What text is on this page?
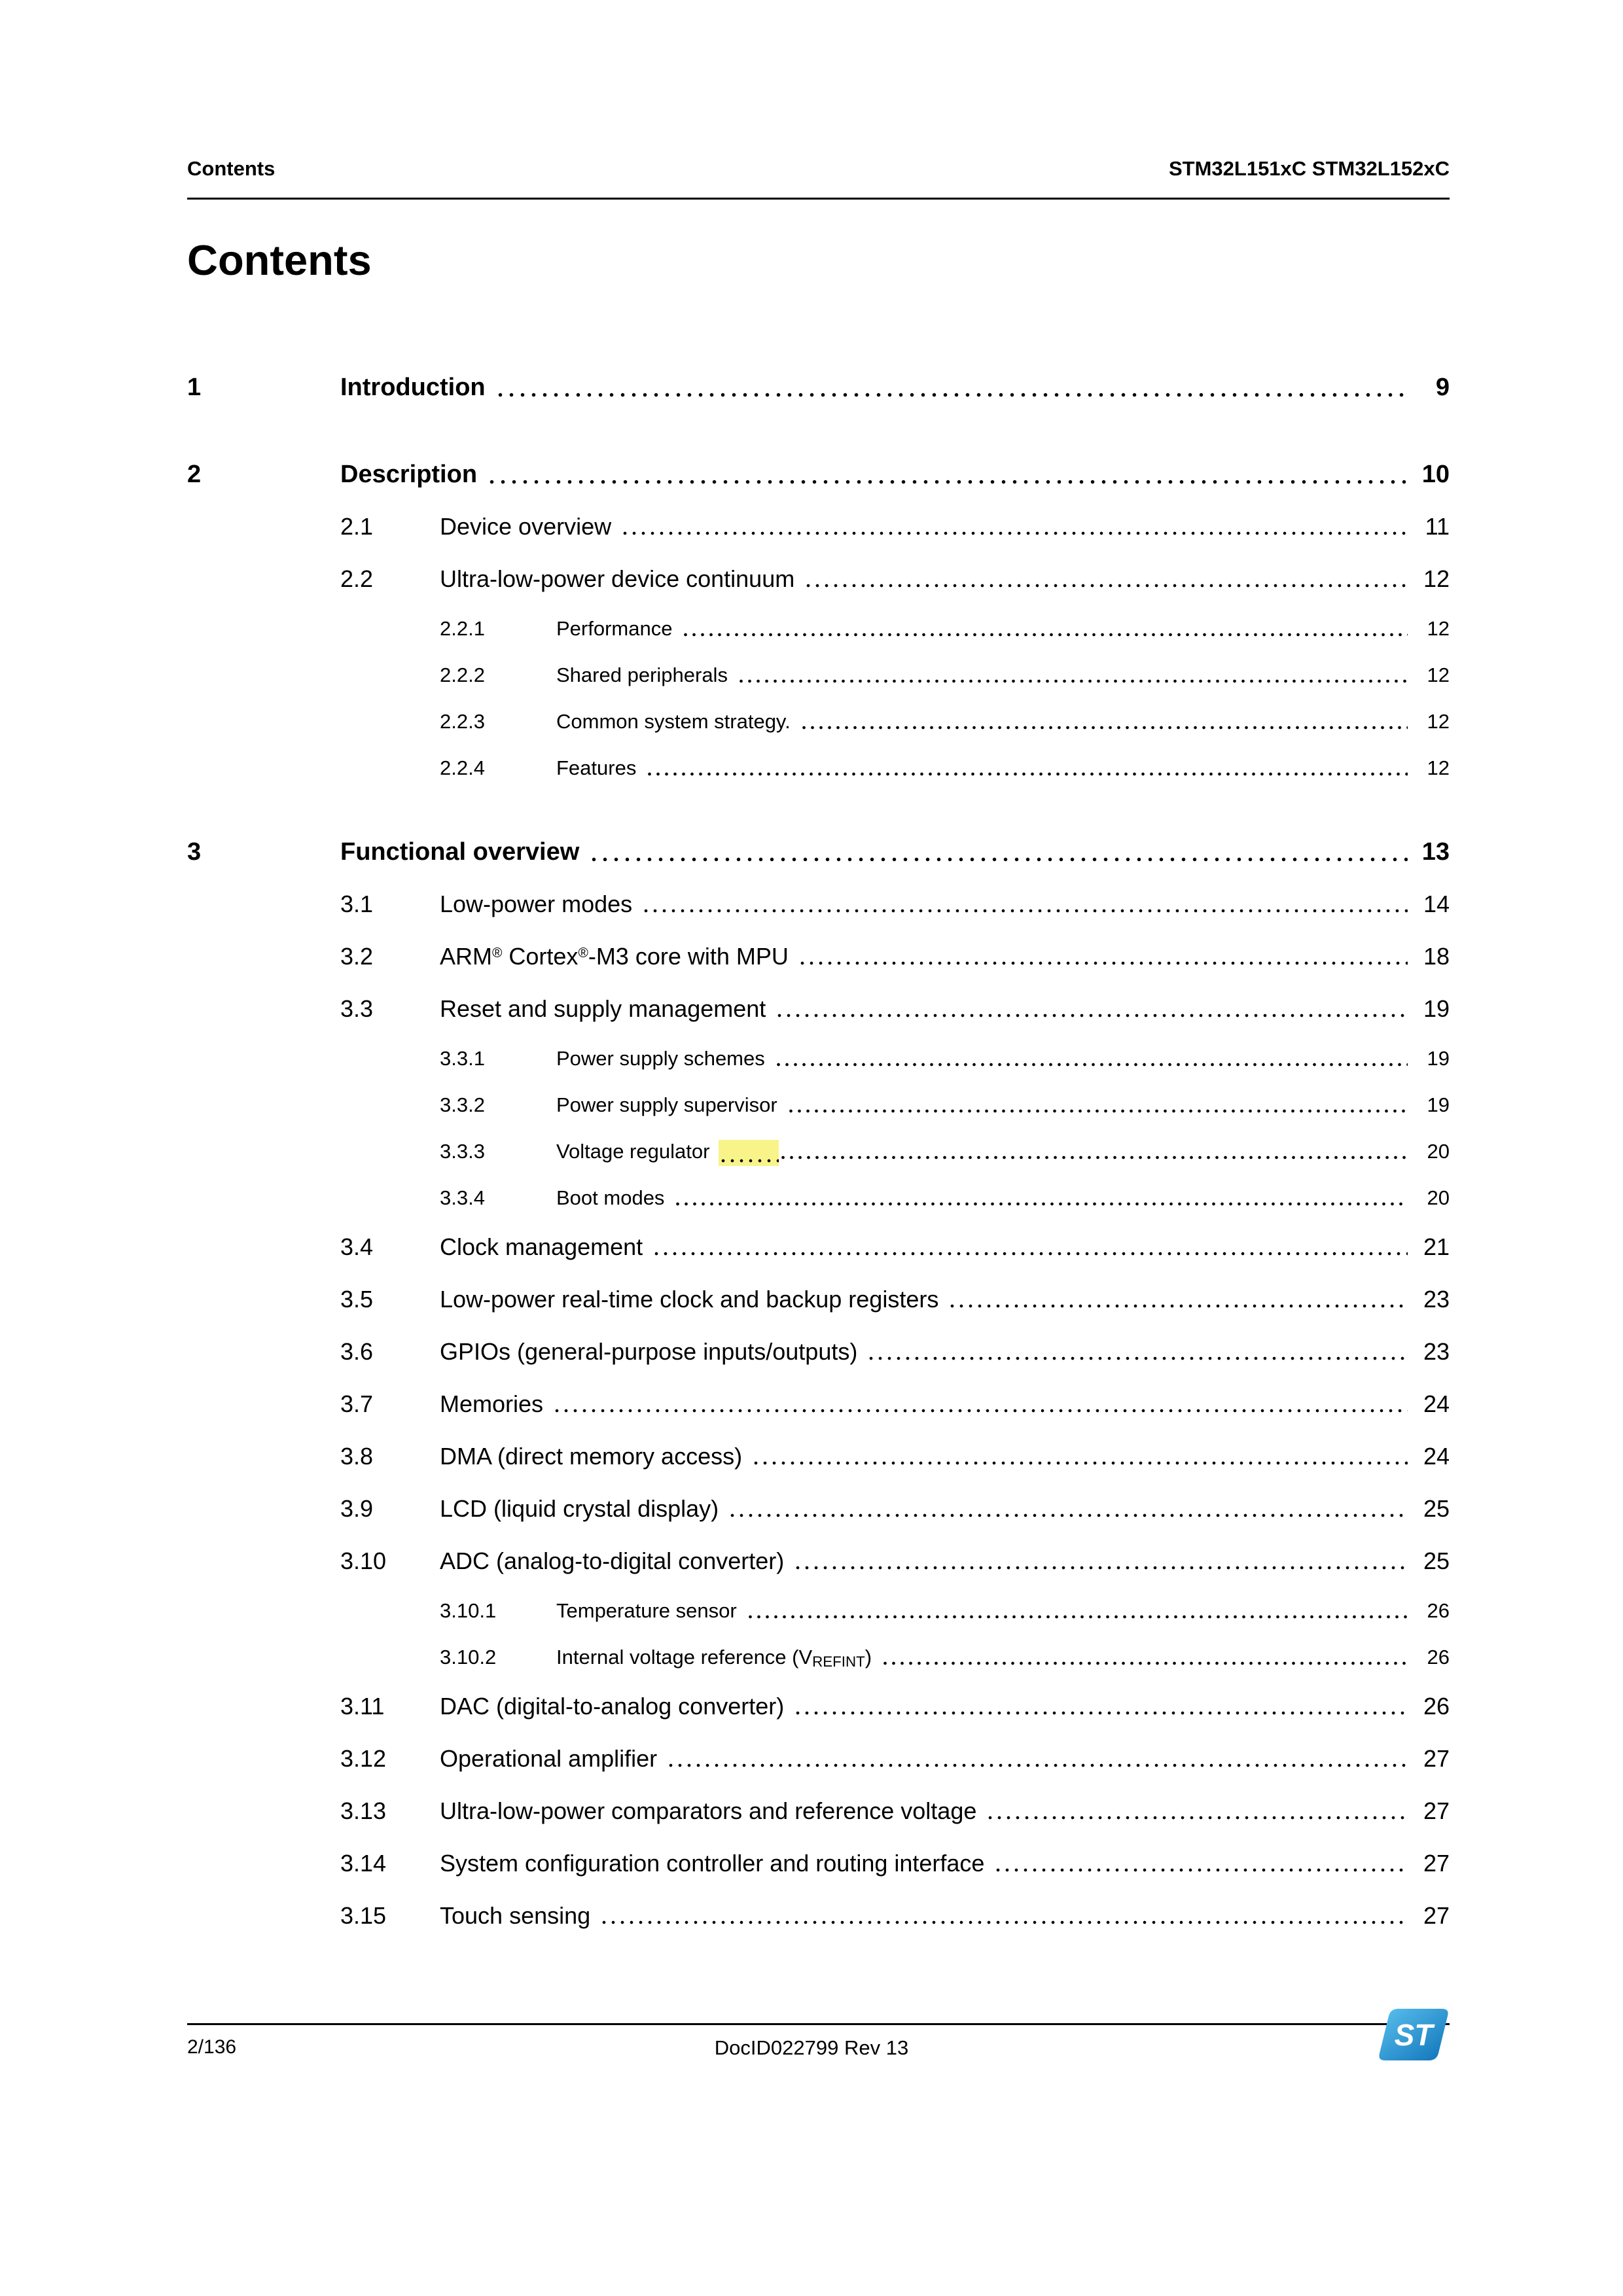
Contents	STM32L151xC STM32L152xC
Contents
1	Introduction	9
2	Description	10
2.1	Device overview	11
2.2	Ultra-low-power device continuum	12
2.2.1	Performance	12
2.2.2	Shared peripherals	12
2.2.3	Common system strategy.	12
2.2.4	Features	12
3	Functional overview	13
3.1	Low-power modes	14
3.2	ARM® Cortex®-M3 core with MPU	18
3.3	Reset and supply management	19
3.3.1	Power supply schemes	19
3.3.2	Power supply supervisor	19
3.3.3	Voltage regulator	20
3.3.4	Boot modes	20
3.4	Clock management	21
3.5	Low-power real-time clock and backup registers	23
3.6	GPIOs (general-purpose inputs/outputs)	23
3.7	Memories	24
3.8	DMA (direct memory access)	24
3.9	LCD (liquid crystal display)	25
3.10	ADC (analog-to-digital converter)	25
3.10.1	Temperature sensor	26
3.10.2	Internal voltage reference $(V_{REFINT})$	26
3.11	DAC (digital-to-analog converter)	26
3.12	Operational amplifier	27
3.13	Ultra-low-power comparators and reference voltage	27
3.14	System configuration controller and routing interface	27
3.15	Touch sensing	27
2/136	DocID022799 Rev 13	ST
